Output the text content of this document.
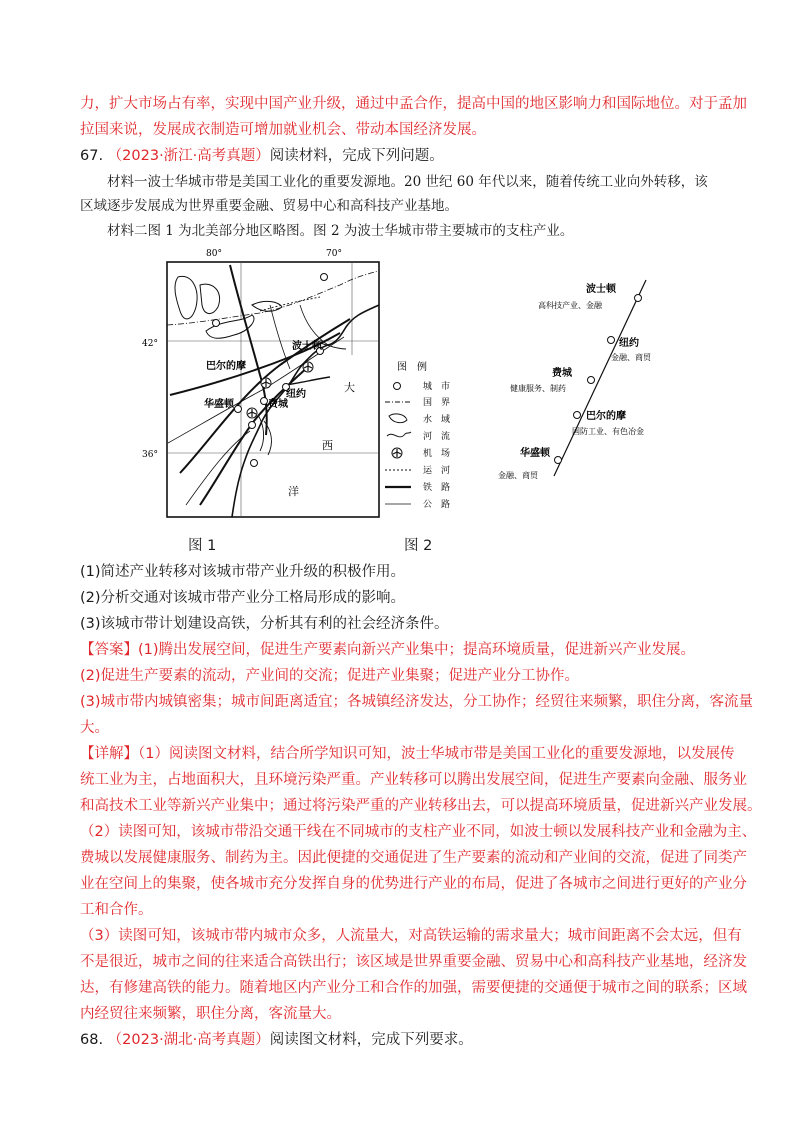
力，扩大市场占有率，实现中国产业升级，通过中孟合作，提高中国的地区影响力和国际地位。对于孟加
拉国来说，发展成衣制造可增加就业机会、带动本国经济发展。
67. （2023·浙江·高考真题）阅读材料，完成下列问题。
材料一波士华城市带是美国工业化的重要发源地。20 世纪 60 年代以来，随着传统工业向外转移，该
区域逐步发展成为世界重要金融、贸易中心和高科技产业基地。
材料二图 1 为北美部分地区略图。图 2 为波士华城市带主要城市的支柱产业。
80°	70°
42°
36°
巴尔的摩
波士顿
纽约
华盛顿	费城
大
西
洋
图　例
城　市
国　界
水　域
河　流
机　场
运　河
铁　路
公　路
波士顿
高科技产业、金融
纽约
金融、商贸
费城
健康服务、制药
巴尔的摩
国防工业、有色冶金
华盛顿
金融、商贸
图 1	图 2
(1)简述产业转移对该城市带产业升级的积极作用。
(2)分析交通对该城市带产业分工格局形成的影响。
(3)该城市带计划建设高铁，分析其有利的社会经济条件。
【答案】(1)腾出发展空间，促进生产要素向新兴产业集中；提高环境质量，促进新兴产业发展。
(2)促进生产要素的流动，产业间的交流；促进产业集聚；促进产业分工协作。
(3)城市带内城镇密集；城市间距离适宜；各城镇经济发达，分工协作；经贸往来频繁，职住分离，客流量
大。
【详解】（1）阅读图文材料，结合所学知识可知，波士华城市带是美国工业化的重要发源地，以发展传
统工业为主，占地面积大，且环境污染严重。产业转移可以腾出发展空间，促进生产要素向金融、服务业
和高技术工业等新兴产业集中；通过将污染严重的产业转移出去，可以提高环境质量，促进新兴产业发展。
（2）读图可知，该城市带沿交通干线在不同城市的支柱产业不同，如波士顿以发展科技产业和金融为主、
费城以发展健康服务、制药为主。因此便捷的交通促进了生产要素的流动和产业间的交流，促进了同类产
业在空间上的集聚，使各城市充分发挥自身的优势进行产业的布局，促进了各城市之间进行更好的产业分
工和合作。
（3）读图可知，该城市带内城市众多，人流量大，对高铁运输的需求量大；城市间距离不会太远，但有
不是很近，城市之间的往来适合高铁出行；该区域是世界重要金融、贸易中心和高科技产业基地，经济发
达，有修建高铁的能力。随着地区内产业分工和合作的加强，需要便捷的交通便于城市之间的联系；区域
内经贸往来频繁，职住分离，客流量大。
68. （2023·湖北·高考真题）阅读图文材料，完成下列要求。
